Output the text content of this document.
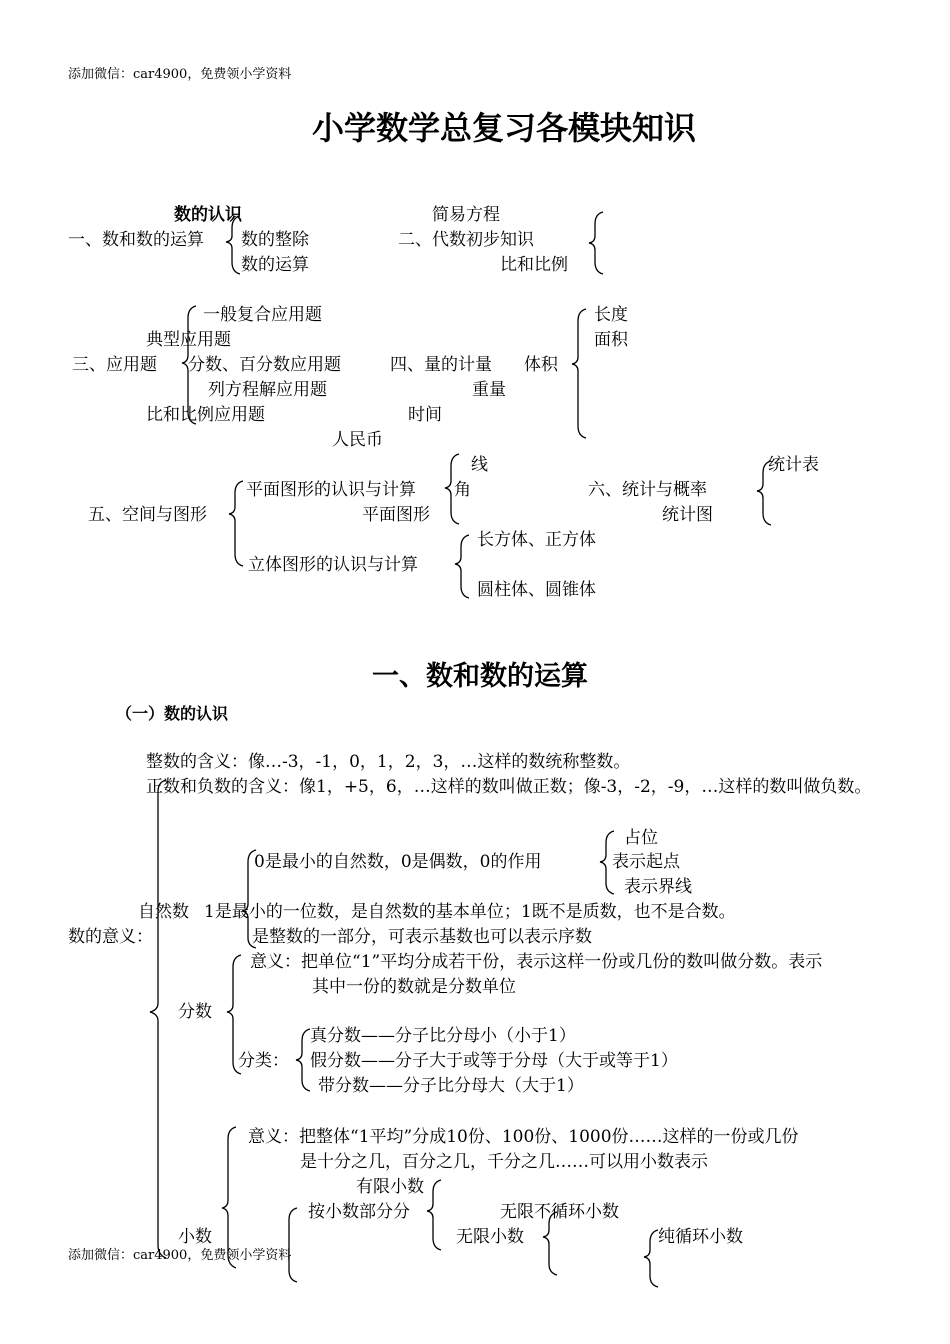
添加微信：car4900，免费领小学资料
添加微信：car4900，免费领小学资料
小学数学总复习各模块知识
数的认识
一、数和数的运算 数的整除
数的运算
简易方程
二、代数初步知识
比和比例
一般复合应用题
典型应用题
三、应用题 分数、百分数应用题
列方程解应用题
比和比例应用题
长度
面积
四、量的计量 体积
重量
时间
人民币
线
平面图形的认识与计算 角
五、空间与图形	平面图形
长方体、正方体
立体图形的认识与计算
圆柱体、圆锥体
统计表
六、统计与概率
统计图
一、数和数的运算
（一）数的认识
整数的含义：像…-3，-1，0，1，2，3，…这样的数统称整数。
正数和负数的含义：像1，+5，6，…这样的数叫做正数；像-3，-2，-9，…这样的数叫做负数。
占位
0是最小的自然数，0是偶数，0的作用	表示起点
表示界线
自然数 1是最小的一位数，是自然数的基本单位；1既不是质数，也不是合数。
数的意义：	是整数的一部分，可表示基数也可以表示序数
意义：把单位“1”平均分成若干份，表示这样一份或几份的数叫做分数。表示
其中一份的数就是分数单位
分数
真分数——分子比分母小（小于1）
分类： 假分数——分子大于或等于分母（大于或等于1）
带分数——分子比分母大（大于1）
意义：把整体“1平均”分成10份、100份、1000份……这样的一份或几份
是十分之几，百分之几，千分之几……可以用小数表示
有限小数
按小数部分分	无限不循环小数
小数	无限小数	纯循环小数
